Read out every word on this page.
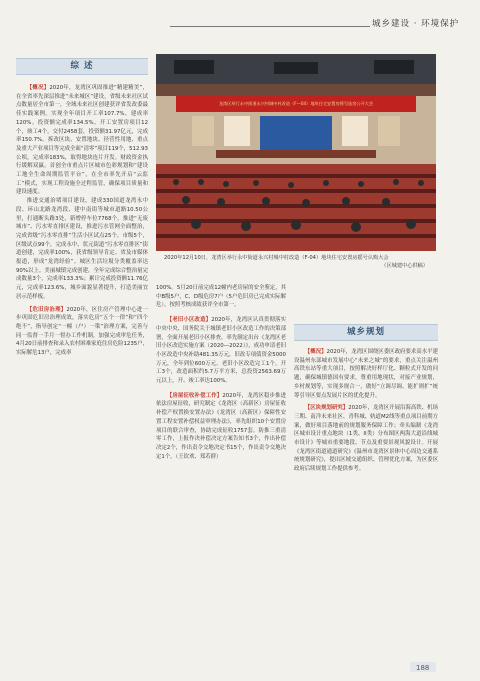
城乡建设 · 环境保护
综 述

【概况】2020年，龙湾区巩固推进“精建精美”，在全省率先深层推进“未来城区”建设，省级未来社区试点数量居全市第一，全域未来社区创建获评省发改委最佳实践案例。实现全年项目开工率107.7%，建成率120%。投资额完成率134.5%。开工安置房项目12个，竣工4个，交付2458套，投资额31.97亿元，完成率150.7%。拆改区块、安置地块、径营性用地、重点及重大产业项目等完成全面“清零”项目119个，512.93公顷，完成率183%，取得地块连片开发。财政资金执行缓解双赢。首创全市重点片区城市色彩规划和“建设工地全生命周期监管平台”，在全市率先开启“云监工”模式，实现工程设施全过程监管，确保项目质量和建设速度。

推进交通治堵项目建设，建成330国道龙湾永中段、环山北路龙湾段、建中南街等城市道路10.50公里，打通断头路3处，新增停车位7768个。推进“无废城市”、污水零直排区建设，推进污水管网全面整治，完成省级“污水零直排”生活小区试点25个，市级5个，区级试点99个，完成永中、状元街道“污水零直排区”街道创建，完成率100%，获省级领导肯定、省及市媒体报道，形成“龙湾经验”。城区生活垃圾分类覆盖率达90%以上。美丽城镇完成创建，全年完成综合整治量完成数量3个，完成率133.3%；累计完成投资额11.76亿元，完成率123.6%，城乡面貌显著提升，打造美丽宜居示范样板。

【危旧房治理】2020年，区住房产管理中心进一步巩固危旧房治理成效，落实危房“五个一律”和“四个绝不”，指导创定“一幢（户）一策”治理方案，完善与同一监督一手月一督办工作机制，加强完成审危任务，4月20日前排查和录入农村困难家庭住房危险1235户，实际解危13户，完成率

龙湾区举行永中街道永兴村城中村改造（F—04）地块住宅安置房摇号选房公开大会
2020年12月10日，龙湾区举行永中街道永兴村城中村改造（F-04）地块住宅安置房摇号认购大会
（区城建中心供稿）

100%。5月20日前完成12幢内老房屋的安全鉴定，其中B级5户，C、D级危房7户（5户危旧房已完成实际解危），按照考核成绩获评全市第一。

【老旧小区改造】2020年，龙湾区认真贯彻落实中央中央、国务院关于城镇老旧小区改造工作的决策部署，全面开展老旧小区排查，率先制定出台《龙湾区老旧小区改造实施方案（2020—2022）》，成功申请老旧小区改造中央补助481.35万元，旧改专项债资金5000万元，全年到位600万元。老旧小区改造完工1个，开工3个，改造面积约5.7万平方米，总投资2563.69万元以上，开、竣工率达100%。

【房屋征收补偿工作】2020年，龙湾区稳步推进依法房屋征收，研究制定《龙湾区（高新区）房屋征收补偿产权置换安置办法》《龙湾区（高新区）保障性安置工程安置补偿权益审理办法》，率先组织10个安置房项目的联合审查，协助完成征收1757套。防推三重清零工作，上报作决补偿决定方案告知书3个，作出补偿决定2个，作出责令交地决定书15个，作出责令交地决定1个。（王钦欢、郑若群）

城乡规划

【概况】2020年，龙湾区围绕区委区政府要求高水平建设温州东部城市发展中心“未来之城”的要求，重点关注温州高铁东站等重大项目，按照解决好样厅化、颗粒式开发的问题，确保城镇德国有要求，尊重用地现状，对接产业规划，乡村规划等，实现多规合一，做好“立调尽调、能扩则扩”统筹引导区要点发展片区的优化提升。

【区块规划研究】2020年，龙湾区开展沿海高铁、机场三期、南洋未来社区、青科城、轨道M2线等重点项目前期方案，做好项目落地前的规划服务保障工作；牵头编制《龙湾区城市设计重点地块（1类、II类）分布图区两海大道沿线城市设计》等城市重要地段、节点及重要景观风貌设计。开展《龙湾区街道通道研究》《温州市龙湾区景体中心周边交通系统规划研究》，提出区域交通组织、管理优化方案，为区委区政府后续规划工作提供参考。

188
